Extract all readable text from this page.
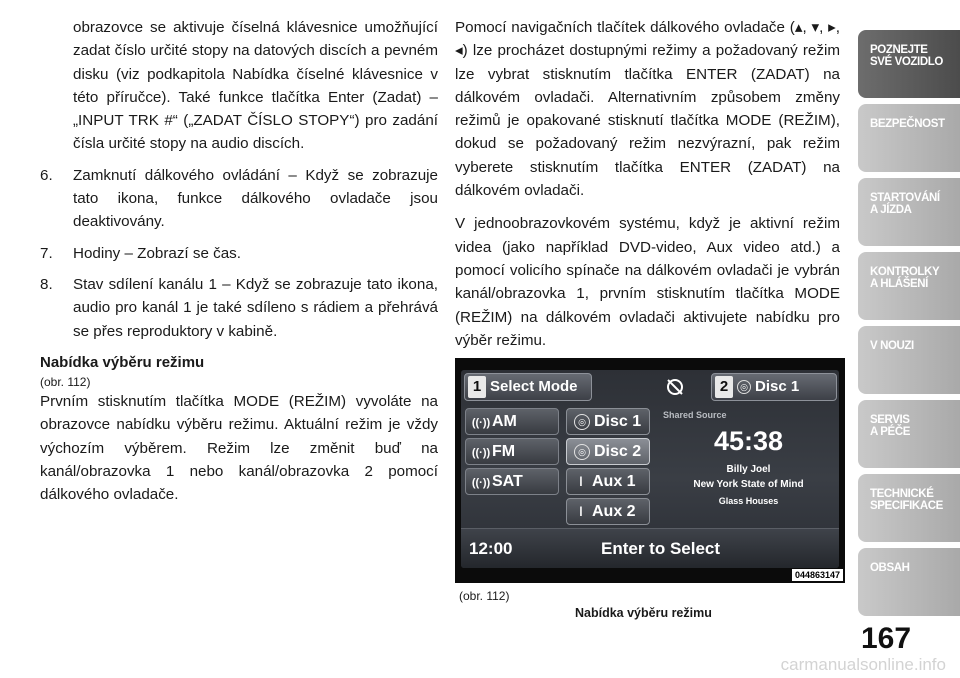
obrazovce se aktivuje číselná klávesnice umožňující zadat číslo určité stopy na datových discích a pevném disku (viz podkapitola Nabídka číselné klávesnice v této příručce). Také funkce tlačítka Enter (Zadat) – „INPUT TRK #“ („ZADAT ČÍSLO STOPY“) pro zadání čísla určité stopy na audio discích.

6. Zamknutí dálkového ovládání – Když se zobrazuje tato ikona, funkce dálkového ovladače jsou deaktivovány.
7. Hodiny – Zobrazí se čas.
8. Stav sdílení kanálu 1 – Když se zobrazuje tato ikona, audio pro kanál 1 je také sdíleno s rádiem a přehrává se přes reproduktory v kabině.
Nabídka výběru režimu
(obr. 112)

Prvním stisknutím tlačítka MODE (REŽIM) vyvoláte na obrazovce nabídku výběru režimu. Aktuální režim je vždy výchozím výběrem. Režim lze změnit buď na kanál/obrazovka 1 nebo kanál/obrazovka 2 pomocí dálkového ovladače.

Pomocí navigačních tlačítek dálkového ovladače (▴, ▾, ▸, ◂) lze procházet dostupnými režimy a požadovaný režim lze vybrat stisknutím tlačítka ENTER (ZADAT) na dálkovém ovladači. Alternativním způsobem změny režimů je opakované stisknutí tlačítka MODE (REŽIM), dokud se požadovaný režim nezvýrazní, pak režim vyberete stisknutím tlačítka ENTER (ZADAT) na dálkovém ovladači.

V jednoobrazovkovém systému, když je aktivní režim videa (jako například DVD-video, Aux video atd.) a pomocí volicího spínače na dálkovém ovladači je vybrán kanál/obrazovka 1, prvním stisknutím tlačítka MODE (REŽIM) na dálkovém ovladači aktivujete nabídku pro výběr režimu.

1 Select Mode	2 ◎ Disc 1
((·)) AM
((·)) FM
((·)) SAT
◎ Disc 1
◎ Disc 2
ǀ Aux 1
ǀ Aux 2
Shared Source
45:38
Billy Joel
New York State of Mind
Glass Houses
12:00	Enter to Select
044863147
(obr. 112)
Nabídka výběru režimu
POZNEJTE
SVÉ VOZIDLO
BEZPEČNOST
STARTOVÁNÍ
A JÍZDA
KONTROLKY
A HLÁŠENÍ
V NOUZI
SERVIS
A PÉČE
TECHNICKÉ
SPECIFIKACE
OBSAH
167
carmanualsonline.info
